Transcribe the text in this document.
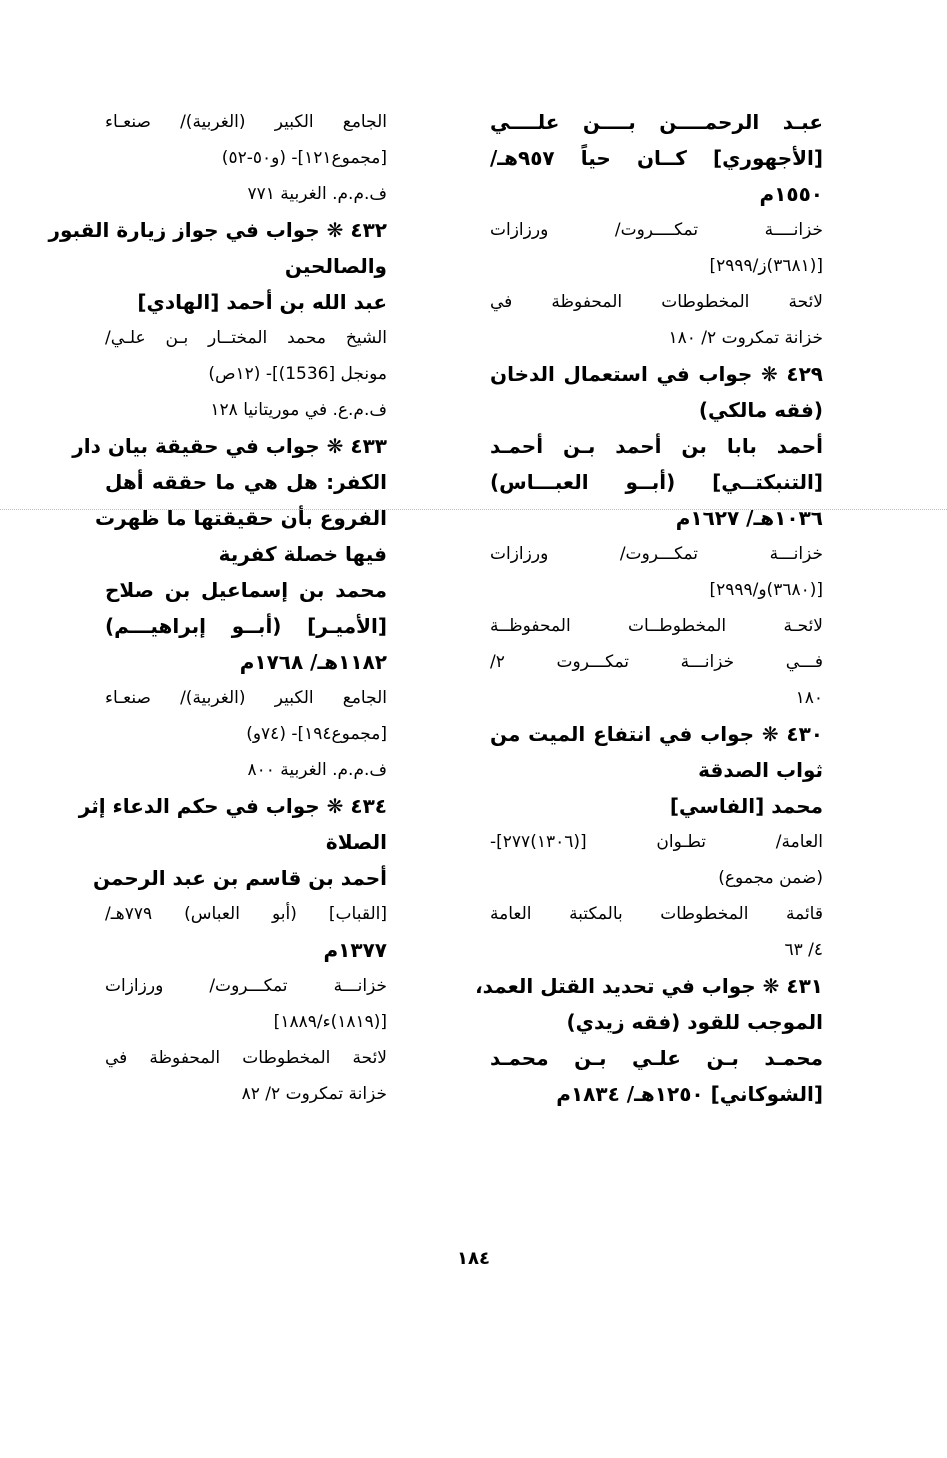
عبـد الرحمــــن بــــن علــــي
[الأجهوري] كــان حياً ٩٥٧هـ/
١٥٥٠م
خزانــــة تمكــــروت/ ورزازات
[(٣٦٨١)ز/٢٩٩٩]
لائحة المخطوطات المحفوظة في
خزانة تمكروت ٢/ ١٨٠
٤٢٩ ❋ جواب في استعمال الدخان
(فقه مالكي)
أحمد بابا بن أحمد بـن أحمـد
[التنبكتــي] (أبــو العبـــاس)
١٠٣٦هـ/ ١٦٢٧م
خزانـــة تمكـــروت/ ورزازات
[(٣٦٨٠)و/٢٩٩٩]
لائحـة المخطوطــات المحفوظــة
فـــي خزانـــة تمكـــروت ٢/
١٨٠
٤٣٠ ❋ جواب في انتفاع الميت من
ثواب الصدقة
محمد [الفاسي]
العامة/ تطـوان [(١٣٠٦)٢٧٧]-
(ضمن مجموع)
قائمة المخطوطات بالمكتبة العامة
٤/ ٦٣
٤٣١ ❋ جواب في تحديد القتل العمد،
الموجب للقود (فقه زيدي)
محمـد بـن علـي بـن محمـد
[الشوكاني] ١٢٥٠هـ/ ١٨٣٤م
الجامع الكبير (الغربية)/ صنعـاء
[مجموع١٢١]- (و٥٠-٥٢)
ف.م.م. الغربية ٧٧١
٤٣٢ ❋ جواب في جواز زيارة القبور
والصالحين
عبد الله بن أحمد [الهادي]
الشيخ محمد المختــار بـن علـي/
مونجل [1536)]- (١٢ص)
ف.م.ع. في موريتانيا ١٢٨
٤٣٣ ❋ جواب في حقيقة بيان دار
الكفر: هل هي ما حققه أهل
الفروع بأن حقيقتها ما ظهرت
فيها خصلة كفرية
محمد بن إسماعيل بن صلاح
[الأميـر] (أبــو إبراهيـــم)
١١٨٢هـ/ ١٧٦٨م
الجامع الكبير (الغربية)/ صنعـاء
[مجموع١٩٤]- (٧٤و)
ف.م.م. الغربية ٨٠٠
٤٣٤ ❋ جواب في حكم الدعاء إثر
الصلاة
أحمد بن قاسم بن عبد الرحمن
[القباب] (أبو العباس) ٧٧٩هـ/
١٣٧٧م
خزانـــة تمكـــروت/ ورزازات
[(١٨١٩)ء/١٨٨٩]
لائحة المخطوطات المحفوظة في
خزانة تمكروت ٢/ ٨٢
١٨٤
